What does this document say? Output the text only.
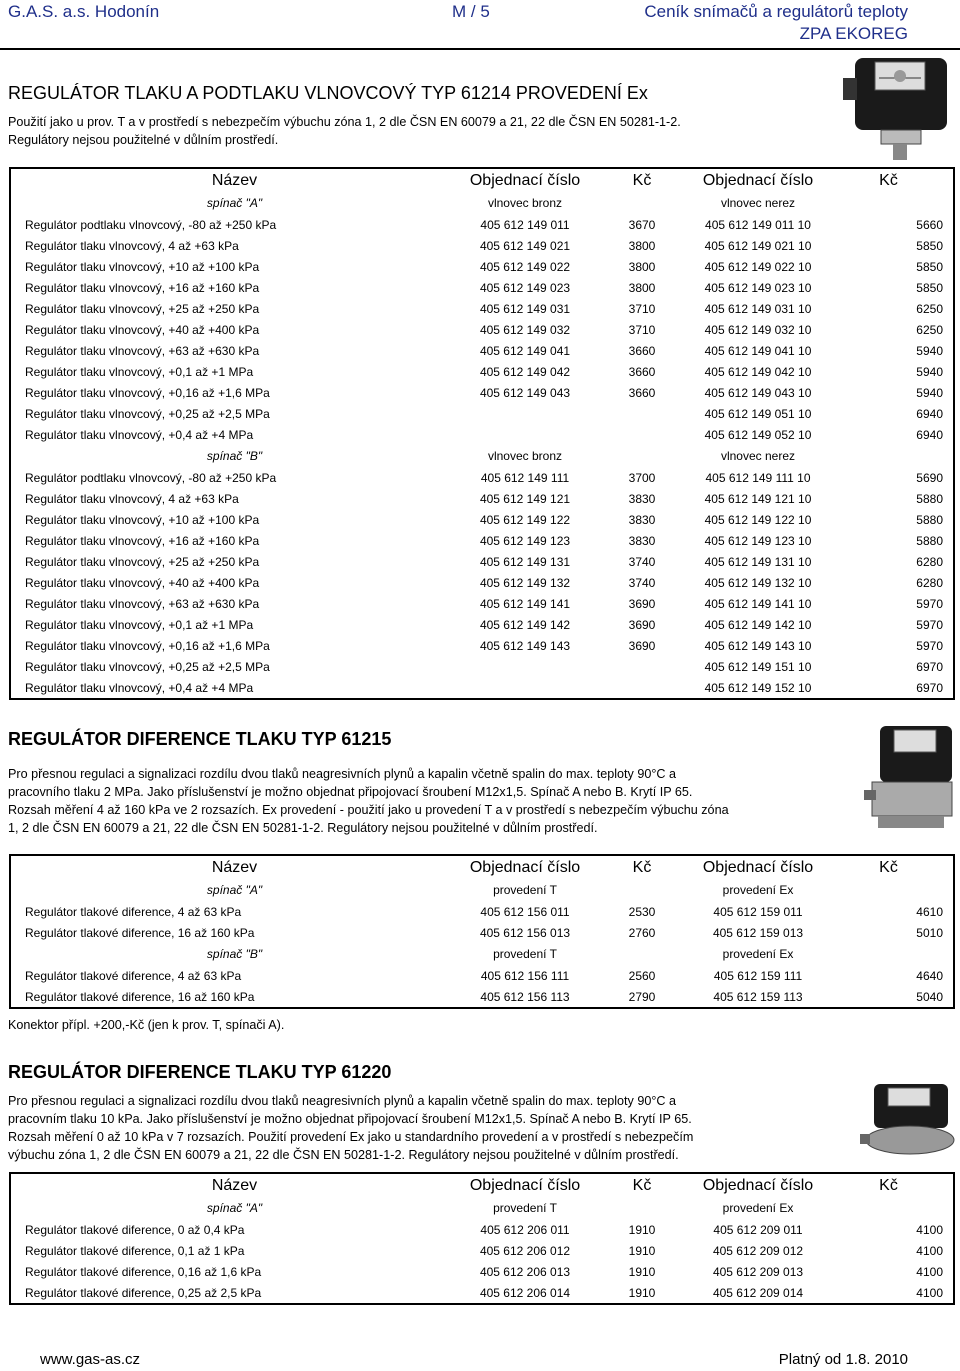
G.A.S. a.s. Hodonín	M / 5	Ceník snímačů a regulátorů teploty
ZPA EKOREG
REGULÁTOR TLAKU A PODTLAKU VLNOVCOVÝ TYP 61214 PROVEDENÍ Ex
Použití jako u prov. T a v prostředí s nebezpečím výbuchu zóna 1, 2 dle ČSN EN 60079 a 21, 22 dle ČSN EN 50281-1-2.
Regulátory nejsou použitelné v důlním prostředí.
Název	Objednací číslo	Kč	Objednací číslo	Kč
spínač "A"	vlnovec bronz		vlnovec nerez	
Regulátor podtlaku vlnovcový, -80 až +250 kPa	405 612 149 011	3670	405 612 149 011 10	5660
Regulátor tlaku vlnovcový, 4 až +63 kPa	405 612 149 021	3800	405 612 149 021 10	5850
Regulátor tlaku vlnovcový, +10 až +100 kPa	405 612 149 022	3800	405 612 149 022 10	5850
Regulátor tlaku vlnovcový, +16 až +160 kPa	405 612 149 023	3800	405 612 149 023 10	5850
Regulátor tlaku vlnovcový, +25 až +250 kPa	405 612 149 031	3710	405 612 149 031 10	6250
Regulátor tlaku vlnovcový, +40 až +400 kPa	405 612 149 032	3710	405 612 149 032 10	6250
Regulátor tlaku vlnovcový, +63 až +630 kPa	405 612 149 041	3660	405 612 149 041 10	5940
Regulátor tlaku vlnovcový, +0,1 až +1 MPa	405 612 149 042	3660	405 612 149 042 10	5940
Regulátor tlaku vlnovcový, +0,16 až +1,6 MPa	405 612 149 043	3660	405 612 149 043 10	5940
Regulátor tlaku vlnovcový, +0,25 až +2,5 MPa			405 612 149 051 10	6940
Regulátor tlaku vlnovcový, +0,4 až +4 MPa			405 612 149 052 10	6940
spínač "B"	vlnovec bronz		vlnovec nerez	
Regulátor podtlaku vlnovcový, -80 až +250 kPa	405 612 149 111	3700	405 612 149 111 10	5690
Regulátor tlaku vlnovcový, 4 až +63 kPa	405 612 149 121	3830	405 612 149 121 10	5880
Regulátor tlaku vlnovcový, +10 až +100 kPa	405 612 149 122	3830	405 612 149 122 10	5880
Regulátor tlaku vlnovcový, +16 až +160 kPa	405 612 149 123	3830	405 612 149 123 10	5880
Regulátor tlaku vlnovcový, +25 až +250 kPa	405 612 149 131	3740	405 612 149 131 10	6280
Regulátor tlaku vlnovcový, +40 až +400 kPa	405 612 149 132	3740	405 612 149 132 10	6280
Regulátor tlaku vlnovcový, +63 až +630 kPa	405 612 149 141	3690	405 612 149 141 10	5970
Regulátor tlaku vlnovcový, +0,1 až +1 MPa	405 612 149 142	3690	405 612 149 142 10	5970
Regulátor tlaku vlnovcový, +0,16 až +1,6 MPa	405 612 149 143	3690	405 612 149 143 10	5970
Regulátor tlaku vlnovcový, +0,25 až +2,5 MPa			405 612 149 151 10	6970
Regulátor tlaku vlnovcový, +0,4 až +4 MPa			405 612 149 152 10	6970
REGULÁTOR DIFERENCE TLAKU TYP 61215
Pro přesnou regulaci a signalizaci rozdílu dvou tlaků neagresivních plynů a kapalin včetně spalin do max. teploty 90°C a
pracovního tlaku 2 MPa. Jako příslušenství je možno objednat připojovací šroubení M12x1,5. Spínač A nebo B. Krytí IP 65.
Rozsah měření 4 až 160 kPa ve 2 rozsazích. Ex provedení - použití jako u provedení T a v prostředí s nebezpečím výbuchu zóna
1, 2 dle ČSN EN 60079 a 21, 22 dle ČSN EN 50281-1-2. Regulátory nejsou použitelné v důlním prostředí.
Název	Objednací číslo	Kč	Objednací číslo	Kč
spínač "A"	provedení T		provedení Ex	
Regulátor tlakové diference, 4 až 63 kPa	405 612 156 011	2530	405 612 159 011	4610
Regulátor tlakové diference, 16 až 160 kPa	405 612 156 013	2760	405 612 159 013	5010
spínač "B"	provedení T		provedení Ex	
Regulátor tlakové diference, 4 až 63 kPa	405 612 156 111	2560	405 612 159 111	4640
Regulátor tlakové diference, 16 až 160 kPa	405 612 156 113	2790	405 612 159 113	5040
Konektor přípl. +200,-Kč (jen k prov. T, spínači A).
REGULÁTOR DIFERENCE TLAKU TYP 61220
Pro přesnou regulaci a signalizaci rozdílu dvou tlaků neagresivních plynů a kapalin včetně spalin do max. teploty 90°C a
pracovním tlaku 10 kPa. Jako příslušenství je možno objednat připojovací šroubení M12x1,5. Spínač A nebo B. Krytí IP 65.
Rozsah měření 0 až 10 kPa v 7 rozsazích. Použití provedení Ex jako u standardního provedení a v prostředí s nebezpečím
výbuchu zóna 1, 2 dle ČSN EN 60079 a 21, 22 dle ČSN EN 50281-1-2. Regulátory nejsou použitelné v důlním prostředí.
Název	Objednací číslo	Kč	Objednací číslo	Kč
spínač "A"	provedení T		provedení Ex	
Regulátor tlakové diference, 0 až 0,4 kPa	405 612 206 011	1910	405 612 209 011	4100
Regulátor tlakové diference, 0,1 až 1 kPa	405 612 206 012	1910	405 612 209 012	4100
Regulátor tlakové diference, 0,16 až 1,6 kPa	405 612 206 013	1910	405 612 209 013	4100
Regulátor tlakové diference, 0,25 až 2,5 kPa	405 612 206 014	1910	405 612 209 014	4100
www.gas-as.cz	Platný od 1.8. 2010
